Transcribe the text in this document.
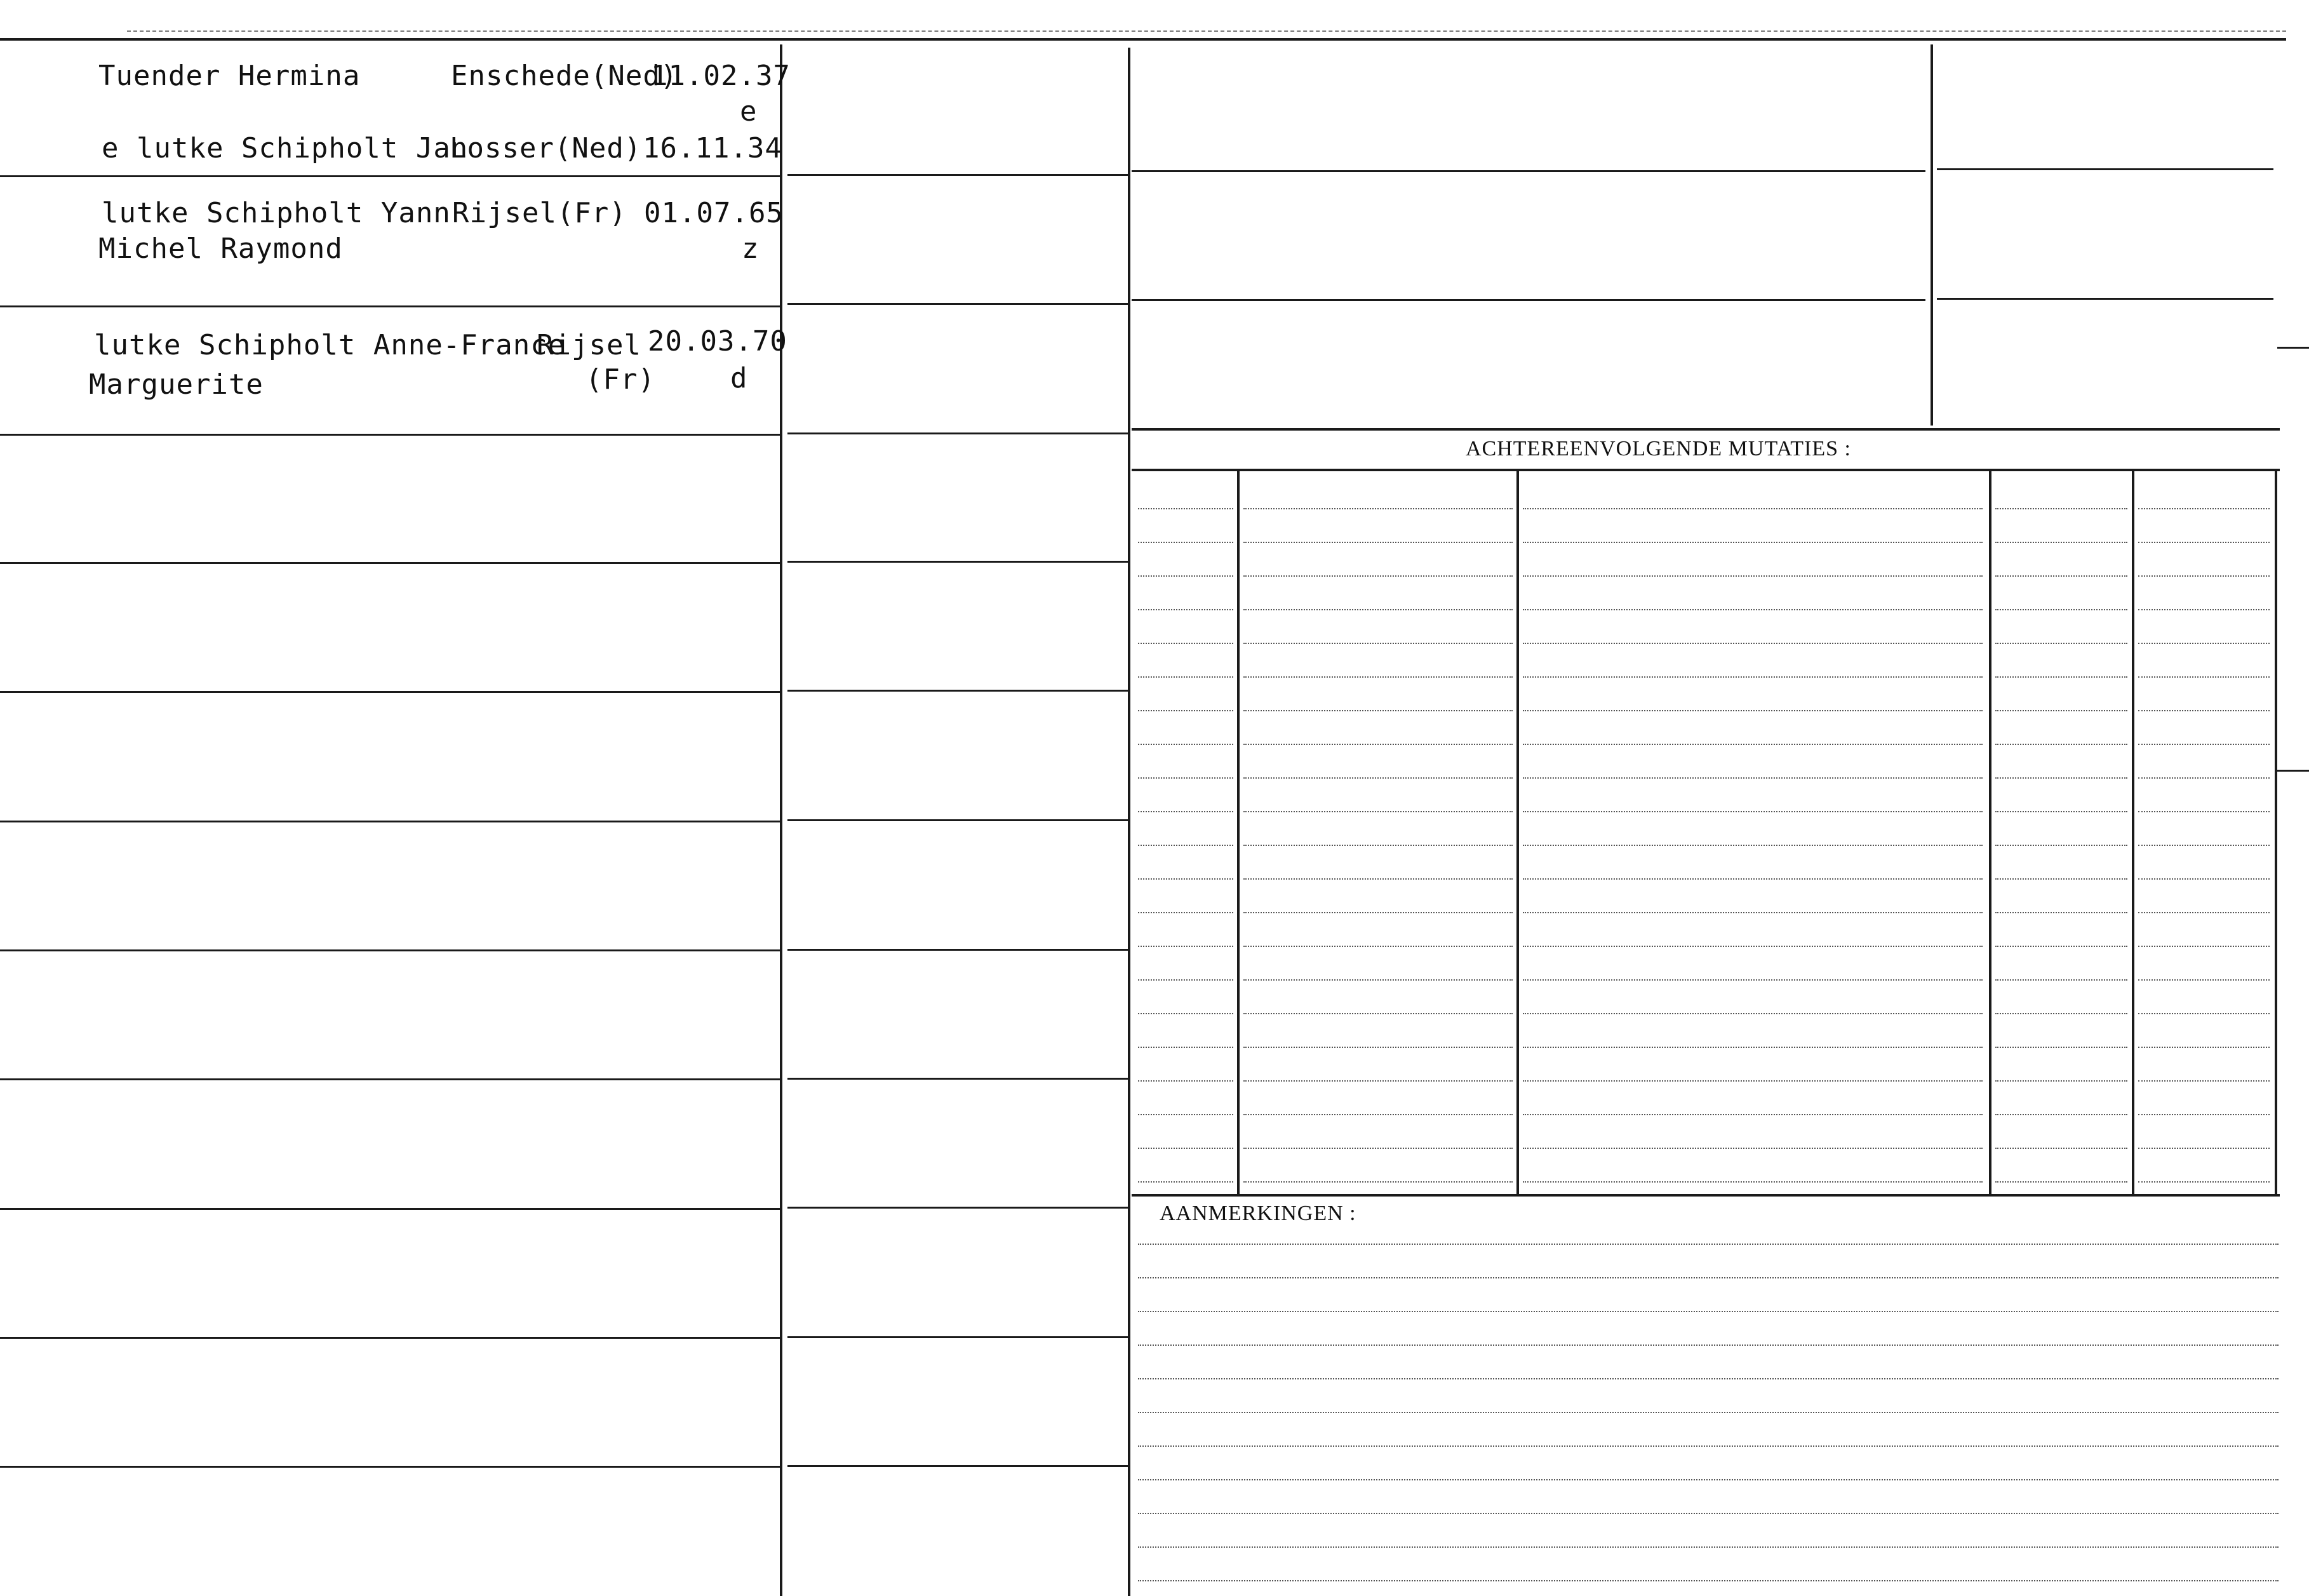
ACHTEREENVOLGENDE MUTATIES :
AANMERKINGEN :
Tuender Hermina	Enschede(Ned)
11.02.37
e
e lutke Schipholt Jan
Losser(Ned) 16.11.34
lutke Schipholt Yann
Michel Raymond
Rijsel(Fr) 01.07.65
z
lutke Schipholt Anne-France
Marguerite
Rijsel
(Fr)
20.03.70
d
